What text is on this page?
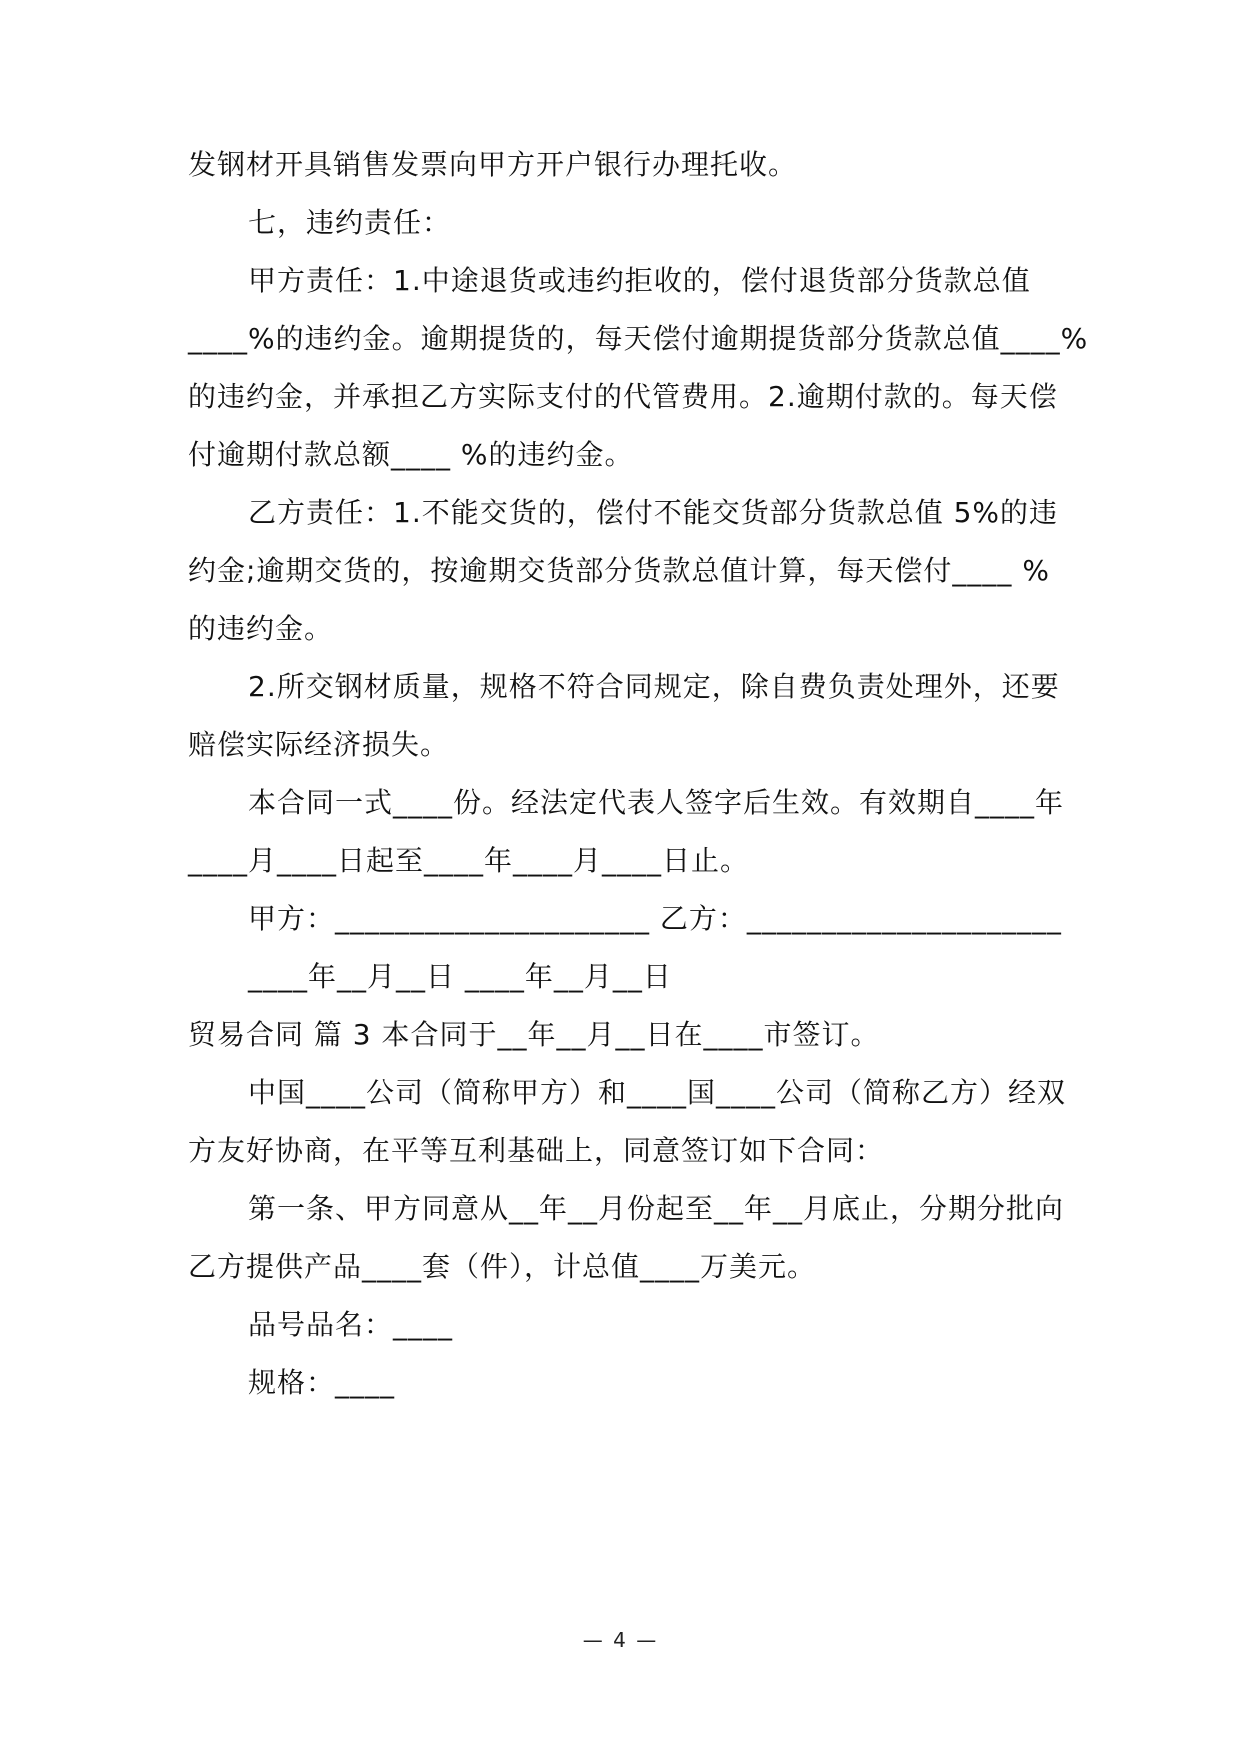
发钢材开具销售发票向甲方开户银行办理托收。
七，违约责任：
甲方责任：1.中途退货或违约拒收的，偿付退货部分货款总值
____%的违约金。逾期提货的，每天偿付逾期提货部分货款总值____%
的违约金，并承担乙方实际支付的代管费用。2.逾期付款的。每天偿
付逾期付款总额____ %的违约金。
乙方责任：1.不能交货的，偿付不能交货部分货款总值 5%的违
约金;逾期交货的，按逾期交货部分货款总值计算，每天偿付____ %
的违约金。
2.所交钢材质量，规格不符合同规定，除自费负责处理外，还要
赔偿实际经济损失。
本合同一式____份。经法定代表人签字后生效。有效期自____年
____月____日起至____年____月____日止。
甲方：_____________________ 乙方：_____________________
____年__月__日 ____年__月__日
贸易合同 篇 3 本合同于__年__月__日在____市签订。
中国____公司（简称甲方）和____国____公司（简称乙方）经双
方友好协商，在平等互利基础上，同意签订如下合同：
第一条、甲方同意从__年__月份起至__年__月底止，分期分批向
乙方提供产品____套（件），计总值____万美元。
品号品名：____
规格：____
— 4 —
